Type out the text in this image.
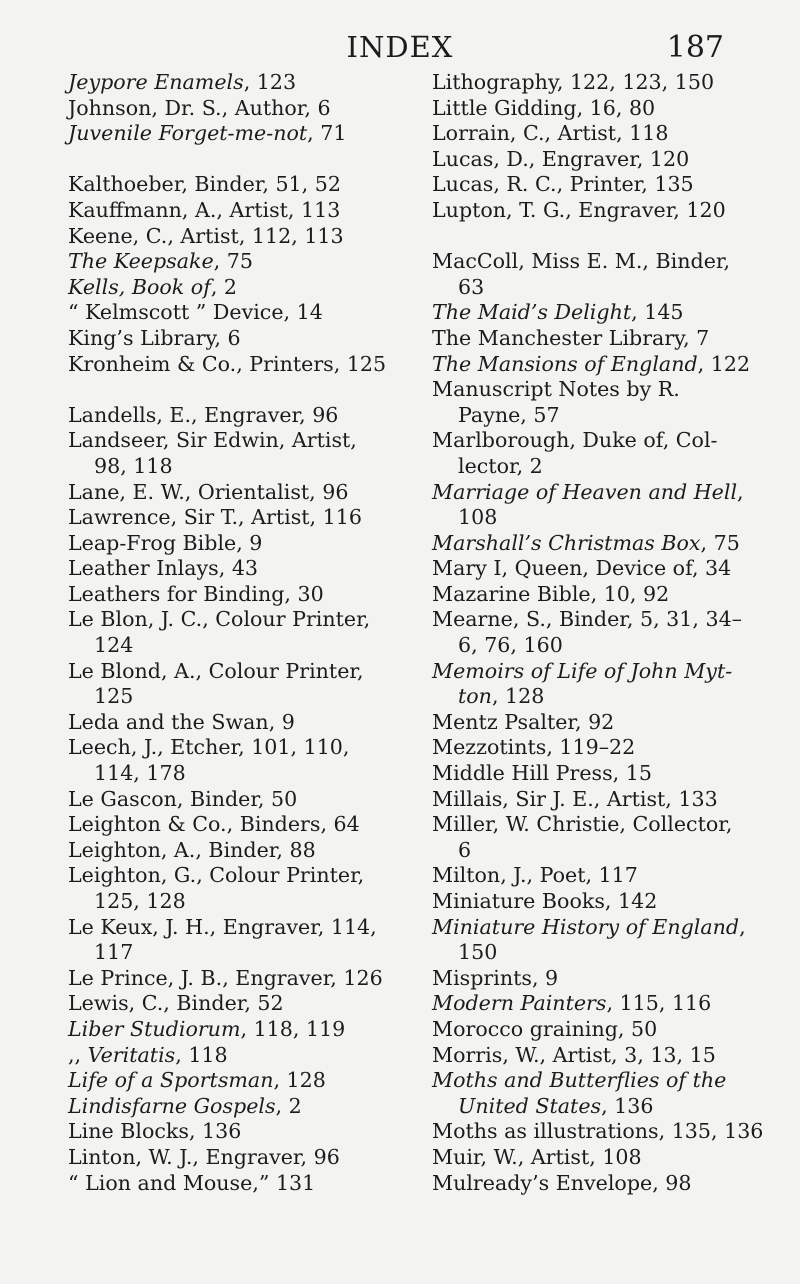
INDEX	187
Jeypore Enamels, 123
Johnson, Dr. S., Author, 6
Juvenile Forget-me-not, 71
Kalthoeber, Binder, 51, 52
Kauffmann, A., Artist, 113
Keene, C., Artist, 112, 113
The Keepsake, 75
Kells, Book of, 2
“ Kelmscott ” Device, 14
King’s Library, 6
Kronheim & Co., Printers, 125
Landells, E., Engraver, 96
Landseer, Sir Edwin, Artist, 98, 118
Lane, E. W., Orientalist, 96
Lawrence, Sir T., Artist, 116
Leap-Frog Bible, 9
Leather Inlays, 43
Leathers for Binding, 30
Le Blon, J. C., Colour Printer, 124
Le Blond, A., Colour Printer, 125
Leda and the Swan, 9
Leech, J., Etcher, 101, 110, 114, 178
Le Gascon, Binder, 50
Leighton & Co., Binders, 64
Leighton, A., Binder, 88
Leighton, G., Colour Printer, 125, 128
Le Keux, J. H., Engraver, 114, 117
Le Prince, J. B., Engraver, 126
Lewis, C., Binder, 52
Liber Studiorum, 118, 119
,, Veritatis, 118
Life of a Sportsman, 128
Lindisfarne Gospels, 2
Line Blocks, 136
Linton, W. J., Engraver, 96
“ Lion and Mouse,” 131
Lithography, 122, 123, 150
Little Gidding, 16, 80
Lorrain, C., Artist, 118
Lucas, D., Engraver, 120
Lucas, R. C., Printer, 135
Lupton, T. G., Engraver, 120
MacColl, Miss E. M., Binder, 63
The Maid’s Delight, 145
The Manchester Library, 7
The Mansions of England, 122
Manuscript Notes by R. Payne, 57
Marlborough, Duke of, Collector, 2
Marriage of Heaven and Hell, 108
Marshall’s Christmas Box, 75
Mary I, Queen, Device of, 34
Mazarine Bible, 10, 92
Mearne, S., Binder, 5, 31, 34–6, 76, 160
Memoirs of Life of John Mytton, 128
Mentz Psalter, 92
Mezzotints, 119–22
Middle Hill Press, 15
Millais, Sir J. E., Artist, 133
Miller, W. Christie, Collector, 6
Milton, J., Poet, 117
Miniature Books, 142
Miniature History of England, 150
Misprints, 9
Modern Painters, 115, 116
Morocco graining, 50
Morris, W., Artist, 3, 13, 15
Moths and Butterflies of the United States, 136
Moths as illustrations, 135, 136
Muir, W., Artist, 108
Mulready’s Envelope, 98
